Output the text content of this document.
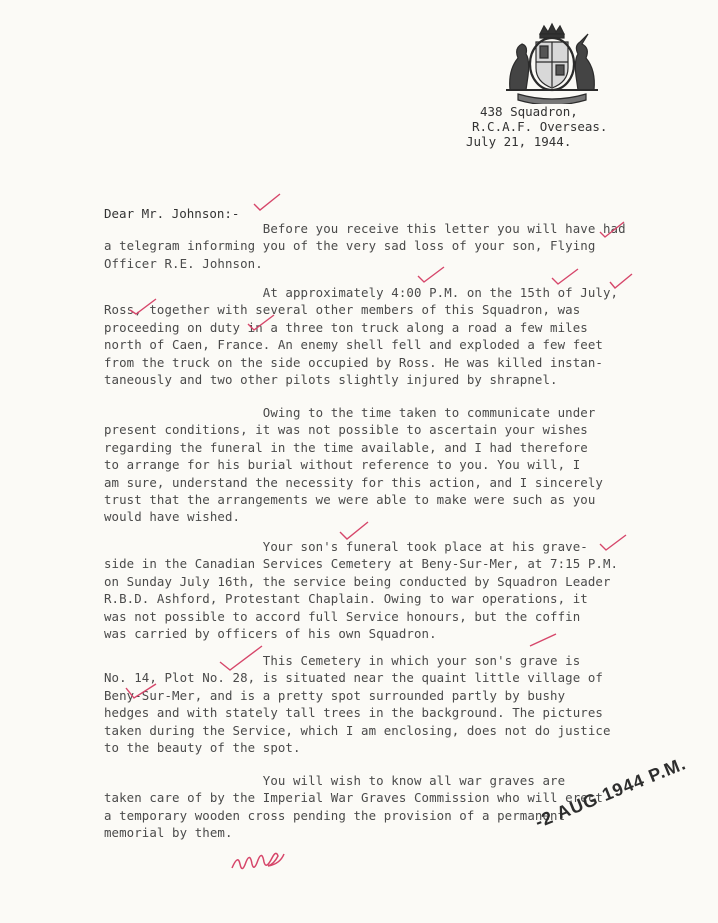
438 Squadron,
R.C.A.F. Overseas.
July 21, 1944.
Dear Mr. Johnson:-
Before you receive this letter you will have had
a telegram informing you of the very sad loss of your son, Flying
Officer R.E. Johnson.
At approximately 4:00 P.M. on the 15th of July,
Ross, together with several other members of this Squadron, was
proceeding on duty in a three ton truck along a road a few miles
north of Caen, France. An enemy shell fell and exploded a few feet
from the truck on the side occupied by Ross. He was killed instan-
taneously and two other pilots slightly injured by shrapnel.
Owing to the time taken to communicate under
present conditions, it was not possible to ascertain your wishes
regarding the funeral in the time available, and I had therefore
to arrange for his burial without reference to you. You will, I
am sure, understand the necessity for this action, and I sincerely
trust that the arrangements we were able to make were such as you
would have wished.
Your son's funeral took place at his grave-
side in the Canadian Services Cemetery at Beny-Sur-Mer, at 7:15 P.M.
on Sunday July 16th, the service being conducted by Squadron Leader
R.B.D. Ashford, Protestant Chaplain. Owing to war operations, it
was not possible to accord full Service honours, but the coffin
was carried by officers of his own Squadron.
This Cemetery in which your son's grave is
No. 14, Plot No. 28, is situated near the quaint little village of
Beny-Sur-Mer, and is a pretty spot surrounded partly by bushy
hedges and with stately tall trees in the background. The pictures
taken during the Service, which I am enclosing, does not do justice
to the beauty of the spot.
You will wish to know all war graves are
taken care of by the Imperial War Graves Commission who will erect
a temporary wooden cross pending the provision of a permanent
memorial by them.
-2 AUG 1944 P.M.
